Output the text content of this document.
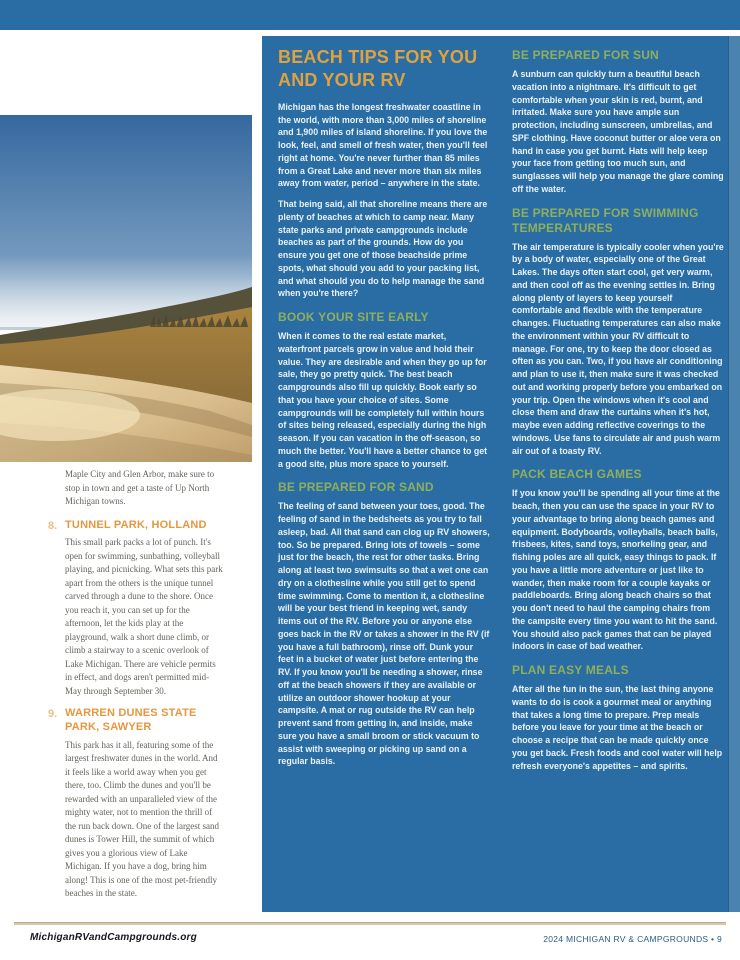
Maple City and Glen Arbor, make sure to stop in town and get a taste of Up North Michigan towns.

8. TUNNEL PARK, HOLLAND
This small park packs a lot of punch. It's open for swimming, sunbathing, volleyball playing, and picnicking. What sets this park apart from the others is the unique tunnel carved through a dune to the shore. Once you reach it, you can set up for the afternoon, let the kids play at the playground, walk a short dune climb, or climb a stairway to a scenic overlook of Lake Michigan. There are vehicle permits in effect, and dogs aren't permitted mid-May through September 30.
9. WARREN DUNES STATE PARK, SAWYER
This park has it all, featuring some of the largest freshwater dunes in the world. And it feels like a world away when you get there, too. Climb the dunes and you'll be rewarded with an unparalleled view of the mighty water, not to mention the thrill of the run back down. One of the largest sand dunes is Tower Hill, the summit of which gives you a glorious view of Lake Michigan. If you have a dog, bring him along! This is one of the most pet-friendly beaches in the state.
BEACH TIPS FOR YOU AND YOUR RV

Michigan has the longest freshwater coastline in the world, with more than 3,000 miles of shoreline and 1,900 miles of island shoreline. If you love the look, feel, and smell of fresh water, then you'll feel right at home. You're never further than 85 miles from a Great Lake and never more than six miles away from water, period – anywhere in the state.

That being said, all that shoreline means there are plenty of beaches at which to camp near. Many state parks and private campgrounds include beaches as part of the grounds. How do you ensure you get one of those beachside prime spots, what should you add to your packing list, and what should you do to help manage the sand when you're there?

BOOK YOUR SITE EARLY

When it comes to the real estate market, waterfront parcels grow in value and hold their value. They are desirable and when they go up for sale, they go pretty quick. The best beach campgrounds also fill up quickly. Book early so that you have your choice of sites. Some campgrounds will be completely full within hours of sites being released, especially during the high season. If you can vacation in the off-season, so much the better. You'll have a better chance to get a good site, plus more space to yourself.

BE PREPARED FOR SAND

The feeling of sand between your toes, good. The feeling of sand in the bedsheets as you try to fall asleep, bad. All that sand can clog up RV showers, too. So be prepared. Bring lots of towels – some just for the beach, the rest for other tasks. Bring along at least two swimsuits so that a wet one can dry on a clothesline while you still get to spend time swimming. Come to mention it, a clothesline will be your best friend in keeping wet, sandy items out of the RV. Before you or anyone else goes back in the RV or takes a shower in the RV (if you have a full bathroom), rinse off. Dunk your feet in a bucket of water just before entering the RV. If you know you'll be needing a shower, rinse off at the beach showers if they are available or utilize an outdoor shower hookup at your campsite. A mat or rug outside the RV can help prevent sand from getting in, and inside, make sure you have a small broom or stick vacuum to assist with sweeping or picking up sand on a regular basis.

BE PREPARED FOR SUN

A sunburn can quickly turn a beautiful beach vacation into a nightmare. It's difficult to get comfortable when your skin is red, burnt, and irritated. Make sure you have ample sun protection, including sunscreen, umbrellas, and SPF clothing. Have coconut butter or aloe vera on hand in case you get burnt. Hats will help keep your face from getting too much sun, and sunglasses will help you manage the glare coming off the water.

BE PREPARED FOR SWIMMING TEMPERATURES

The air temperature is typically cooler when you're by a body of water, especially one of the Great Lakes. The days often start cool, get very warm, and then cool off as the evening settles in. Bring along plenty of layers to keep yourself comfortable and flexible with the temperature changes. Fluctuating temperatures can also make the environment within your RV difficult to manage. For one, try to keep the door closed as often as you can. Two, if you have air conditioning and plan to use it, then make sure it was checked out and working properly before you embarked on your trip. Open the windows when it's cool and close them and draw the curtains when it's hot, maybe even adding reflective coverings to the windows. Use fans to circulate air and push warm air out of a toasty RV.

PACK BEACH GAMES

If you know you'll be spending all your time at the beach, then you can use the space in your RV to your advantage to bring along beach games and equipment. Bodyboards, volleyballs, beach balls, frisbees, kites, sand toys, snorkeling gear, and fishing poles are all quick, easy things to pack. If you have a little more adventure or just like to wander, then make room for a couple kayaks or paddleboards. Bring along beach chairs so that you don't need to haul the camping chairs from the campsite every time you want to hit the sand. You should also pack games that can be played indoors in case of bad weather.

PLAN EASY MEALS

After all the fun in the sun, the last thing anyone wants to do is cook a gourmet meal or anything that takes a long time to prepare. Prep meals before you leave for your time at the beach or choose a recipe that can be made quickly once you get back. Fresh foods and cool water will help refresh everyone's appetites – and spirits.

MichiganRVandCampgrounds.org	2024 MICHIGAN RV & CAMPGROUNDS • 9
